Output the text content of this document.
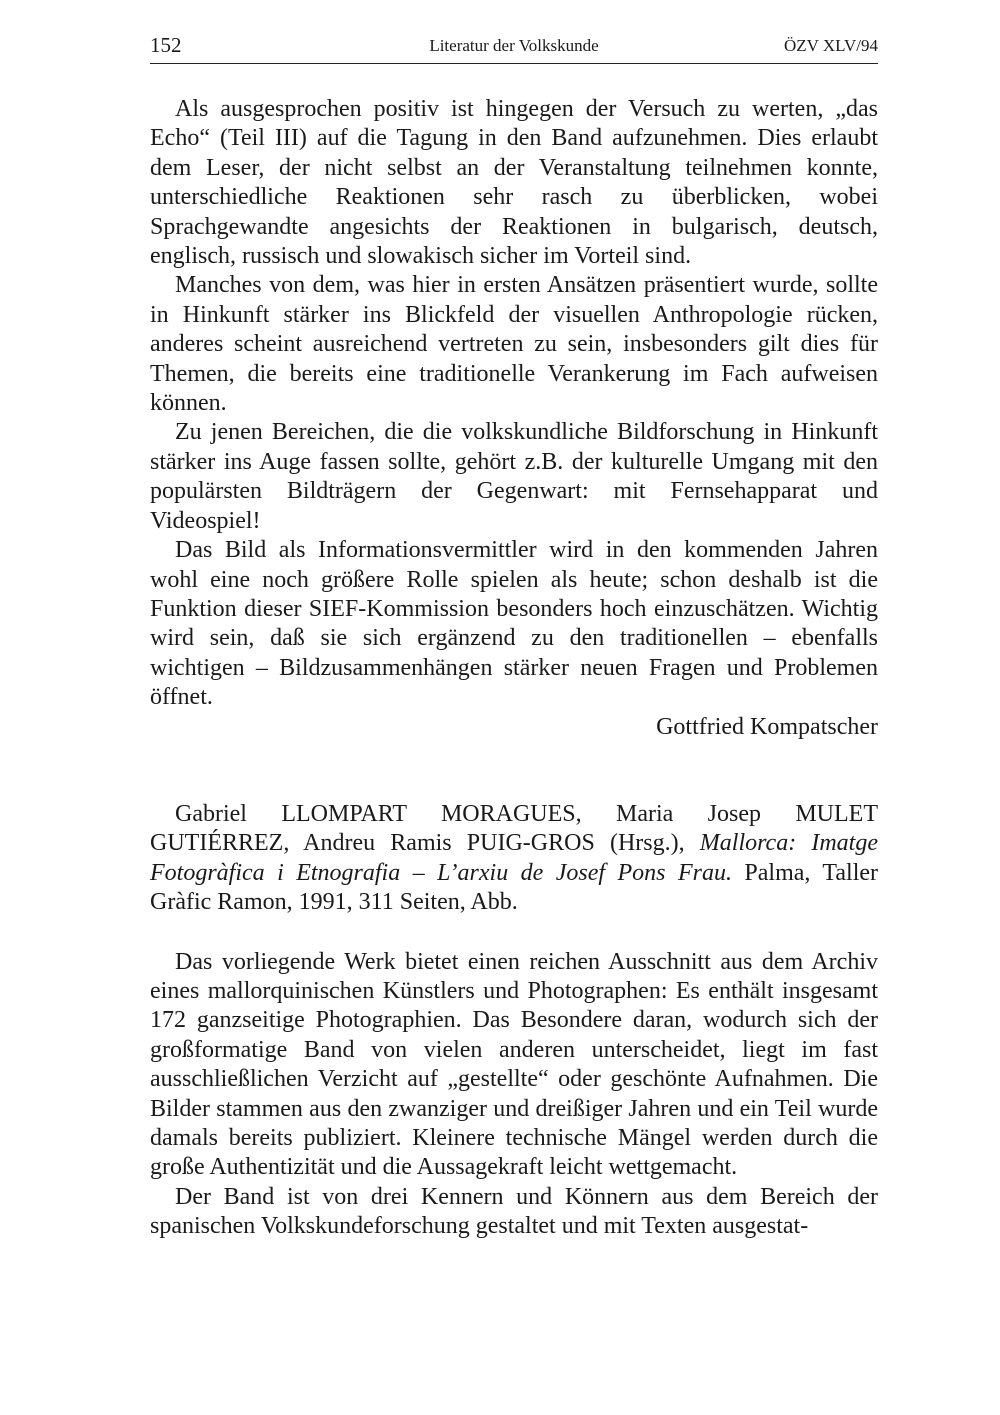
152	Literatur der Volkskunde	ÖZV XLV/94

Als ausgesprochen positiv ist hingegen der Versuch zu werten, „das Echo“ (Teil III) auf die Tagung in den Band aufzunehmen. Dies erlaubt dem Leser, der nicht selbst an der Veranstaltung teilnehmen konnte, unterschiedliche Reaktionen sehr rasch zu überblicken, wobei Sprachgewandte angesichts der Reaktionen in bulgarisch, deutsch, englisch, russisch und slowakisch sicher im Vorteil sind.

Manches von dem, was hier in ersten Ansätzen präsentiert wurde, sollte in Hinkunft stärker ins Blickfeld der visuellen Anthropologie rücken, anderes scheint ausreichend vertreten zu sein, insbesonders gilt dies für Themen, die bereits eine traditionelle Verankerung im Fach aufweisen können.

Zu jenen Bereichen, die die volkskundliche Bildforschung in Hinkunft stärker ins Auge fassen sollte, gehört z.B. der kulturelle Umgang mit den populärsten Bildträgern der Gegenwart: mit Fernsehapparat und Videospiel!

Das Bild als Informationsvermittler wird in den kommenden Jahren wohl eine noch größere Rolle spielen als heute; schon deshalb ist die Funktion dieser SIEF-Kommission besonders hoch einzuschätzen. Wichtig wird sein, daß sie sich ergänzend zu den traditionellen – ebenfalls wichtigen – Bildzusammenhängen stärker neuen Fragen und Problemen öffnet.

Gottfried Kompatscher

Gabriel LLOMPART MORAGUES, Maria Josep MULET GUTIÉRREZ, Andreu Ramis PUIG-GROS (Hrsg.), Mallorca: Imatge Fotogràfica i Etnografia – L’arxiu de Josef Pons Frau. Palma, Taller Gràfic Ramon, 1991, 311 Seiten, Abb.

Das vorliegende Werk bietet einen reichen Ausschnitt aus dem Archiv eines mallorquinischen Künstlers und Photographen: Es enthält insgesamt 172 ganzseitige Photographien. Das Besondere daran, wodurch sich der großformatige Band von vielen anderen unterscheidet, liegt im fast ausschließlichen Verzicht auf „gestellte“ oder geschönte Aufnahmen. Die Bilder stammen aus den zwanziger und dreißiger Jahren und ein Teil wurde damals bereits publiziert. Kleinere technische Mängel werden durch die große Authentizität und die Aussagekraft leicht wettgemacht.

Der Band ist von drei Kennern und Könnern aus dem Bereich der spanischen Volkskundeforschung gestaltet und mit Texten ausgestat-
